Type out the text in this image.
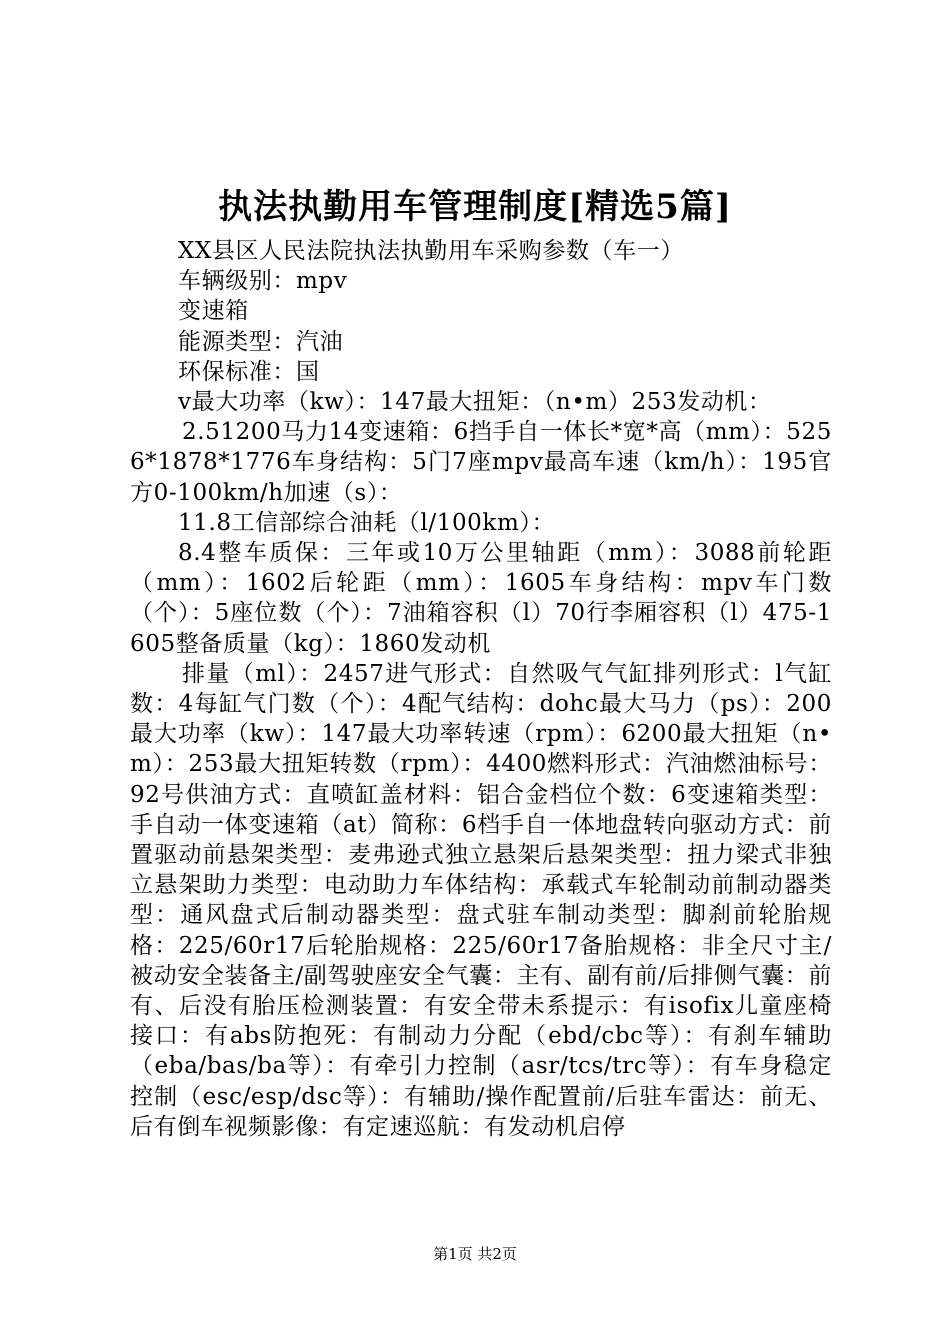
执法执勤用车管理制度[精选5篇]

XX县区人民法院执法执勤用车采购参数（车一）

车辆级别：mpv

变速箱

能源类型：汽油

环保标准：国

v最大功率（kw）：147最大扭矩：（n•m）253发动机：

2.51200马力14变速箱：6挡手自一体长*宽*高（mm）：5256*1878*1776车身结构：5门7座mpv最高车速（km/h）：195官方0-100km/h加速（s）：

11.8工信部综合油耗（l/100km）：

8.4整车质保：三年或10万公里轴距（mm）：3088前轮距（mm）：1602后轮距（mm）：1605车身结构：mpv车门数（个）：5座位数（个）：7油箱容积（l）70行李厢容积（l）475-1605整备质量（kg）：1860发动机

排量（ml）：2457进气形式：自然吸气气缸排列形式：l气缸数：4每缸气门数（个）：4配气结构：dohc最大马力（ps）：200最大功率（kw）：147最大功率转速（rpm）：6200最大扭矩（n•m）：253最大扭矩转数（rpm）：4400燃料形式：汽油燃油标号：92号供油方式：直喷缸盖材料：铝合金档位个数：6变速箱类型：手自动一体变速箱（at）简称：6档手自一体地盘转向驱动方式：前置驱动前悬架类型：麦弗逊式独立悬架后悬架类型：扭力梁式非独立悬架助力类型：电动助力车体结构：承载式车轮制动前制动器类型：通风盘式后制动器类型：盘式驻车制动类型：脚刹前轮胎规格：225/60r17后轮胎规格：225/60r17备胎规格：非全尺寸主/被动安全装备主/副驾驶座安全气囊：主有、副有前/后排侧气囊：前有、后没有胎压检测装置：有安全带未系提示：有isofix儿童座椅接口：有abs防抱死：有制动力分配（ebd/cbc等）：有刹车辅助（eba/bas/ba等）：有牵引力控制（asr/tcs/trc等）：有车身稳定控制（esc/esp/dsc等）：有辅助/操作配置前/后驻车雷达：前无、后有倒车视频影像：有定速巡航：有发动机启停

第1页 共2页
